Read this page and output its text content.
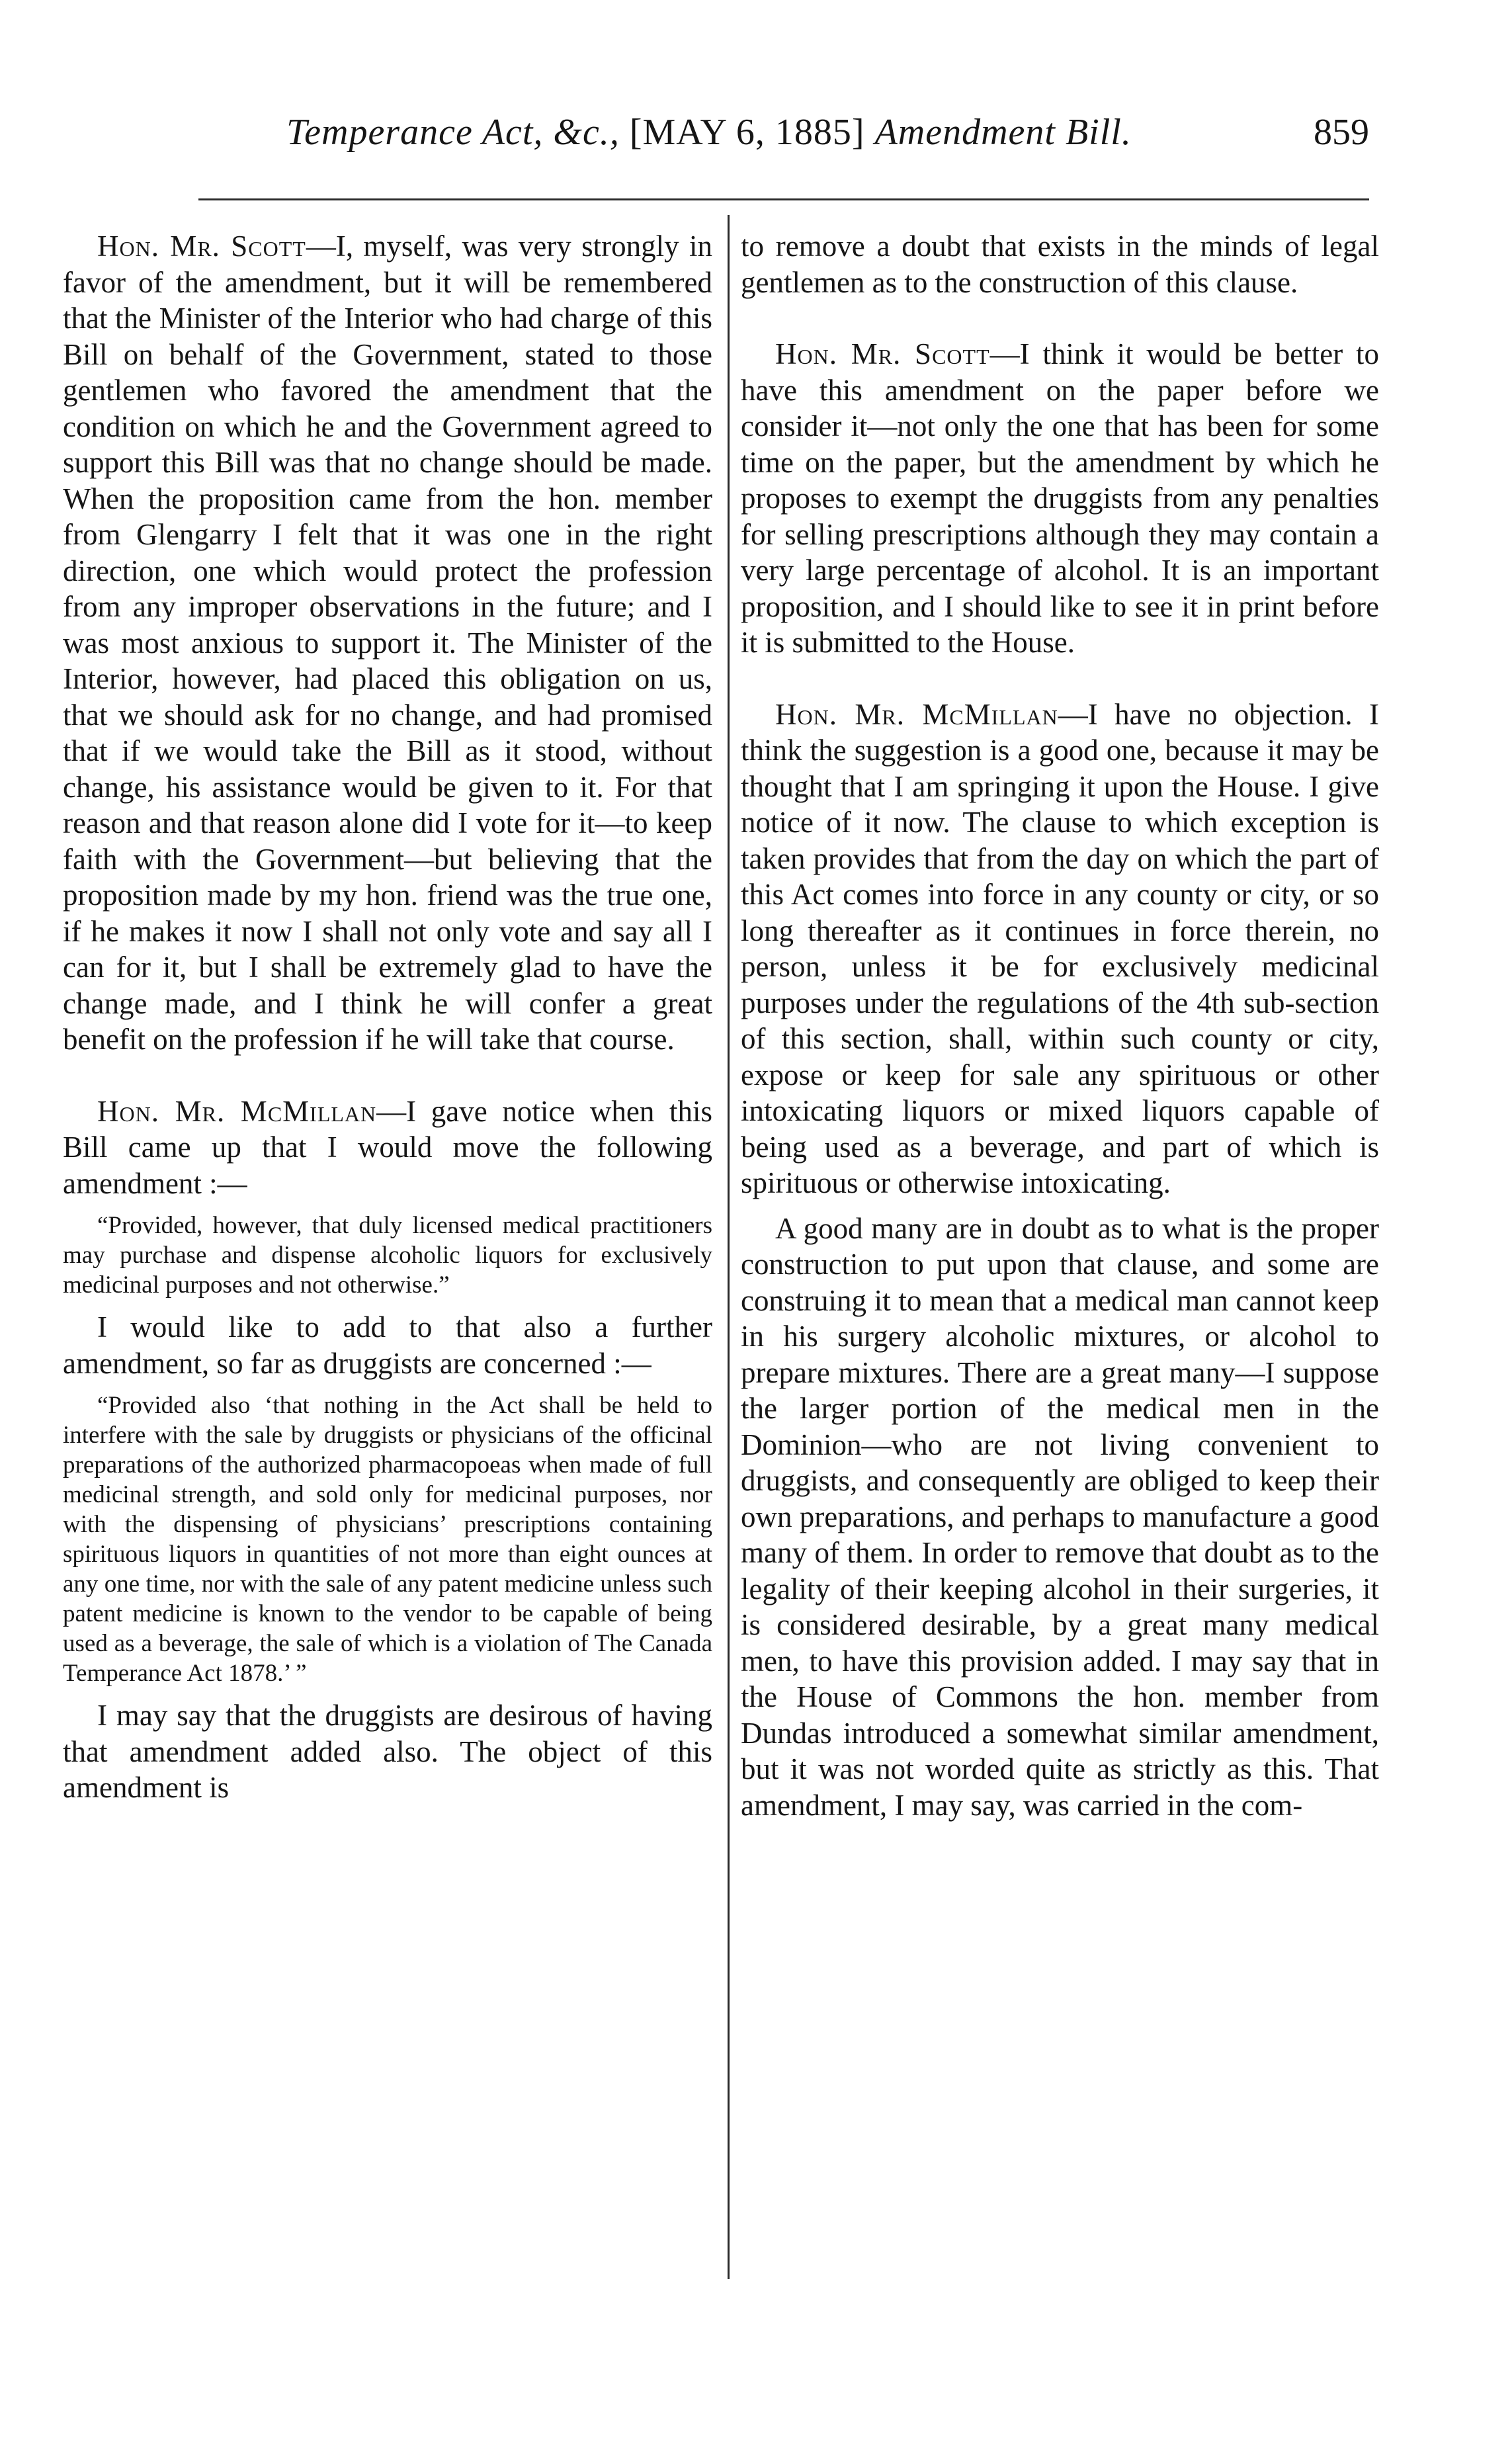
Temperance Act, &c., [MAY 6, 1885] Amendment Bill.	859

Hon. Mr. Scott—I, myself, was very strongly in favor of the amendment, but it will be remembered that the Minister of the Interior who had charge of this Bill on behalf of the Government, stated to those gentlemen who favored the amendment that the condition on which he and the Government agreed to support this Bill was that no change should be made. When the proposition came from the hon. member from Glengarry I felt that it was one in the right direction, one which would protect the profession from any improper observations in the future; and I was most anxious to support it. The Minister of the Interior, however, had placed this obligation on us, that we should ask for no change, and had promised that if we would take the Bill as it stood, without change, his assistance would be given to it. For that reason and that reason alone did I vote for it—to keep faith with the Government—but believing that the proposition made by my hon. friend was the true one, if he makes it now I shall not only vote and say all I can for it, but I shall be extremely glad to have the change made, and I think he will confer a great benefit on the profession if he will take that course.

Hon. Mr. McMillan—I gave notice when this Bill came up that I would move the following amendment :—

“Provided, however, that duly licensed medical practitioners may purchase and dispense alcoholic liquors for exclusively medicinal purposes and not otherwise.”

I would like to add to that also a further amendment, so far as druggists are concerned :—

“Provided also ‘that nothing in the Act shall be held to interfere with the sale by druggists or physicians of the officinal preparations of the authorized pharmacopoeas when made of full medicinal strength, and sold only for medicinal purposes, nor with the dispensing of physicians’ prescriptions containing spirituous liquors in quantities of not more than eight ounces at any one time, nor with the sale of any patent medicine unless such patent medicine is known to the vendor to be capable of being used as a beverage, the sale of which is a violation of The Canada Temperance Act 1878.’ ”

I may say that the druggists are desirous of having that amendment added also. The object of this amendment is

to remove a doubt that exists in the minds of legal gentlemen as to the construction of this clause.

Hon. Mr. Scott—I think it would be better to have this amendment on the paper before we consider it—not only the one that has been for some time on the paper, but the amendment by which he proposes to exempt the druggists from any penalties for selling prescriptions although they may contain a very large percentage of alcohol. It is an important proposition, and I should like to see it in print before it is submitted to the House.

Hon. Mr. McMillan—I have no objection. I think the suggestion is a good one, because it may be thought that I am springing it upon the House. I give notice of it now. The clause to which exception is taken provides that from the day on which the part of this Act comes into force in any county or city, or so long thereafter as it continues in force therein, no person, unless it be for exclusively medicinal purposes under the regulations of the 4th sub-section of this section, shall, within such county or city, expose or keep for sale any spirituous or other intoxicating liquors or mixed liquors capable of being used as a beverage, and part of which is spirituous or otherwise intoxicating.

A good many are in doubt as to what is the proper construction to put upon that clause, and some are construing it to mean that a medical man cannot keep in his surgery alcoholic mixtures, or alcohol to prepare mixtures. There are a great many—I suppose the larger portion of the medical men in the Dominion—who are not living convenient to druggists, and consequently are obliged to keep their own preparations, and perhaps to manufacture a good many of them. In order to remove that doubt as to the legality of their keeping alcohol in their surgeries, it is considered desirable, by a great many medical men, to have this provision added. I may say that in the House of Commons the hon. member from Dundas introduced a somewhat similar amendment, but it was not worded quite as strictly as this. That amendment, I may say, was carried in the com-
